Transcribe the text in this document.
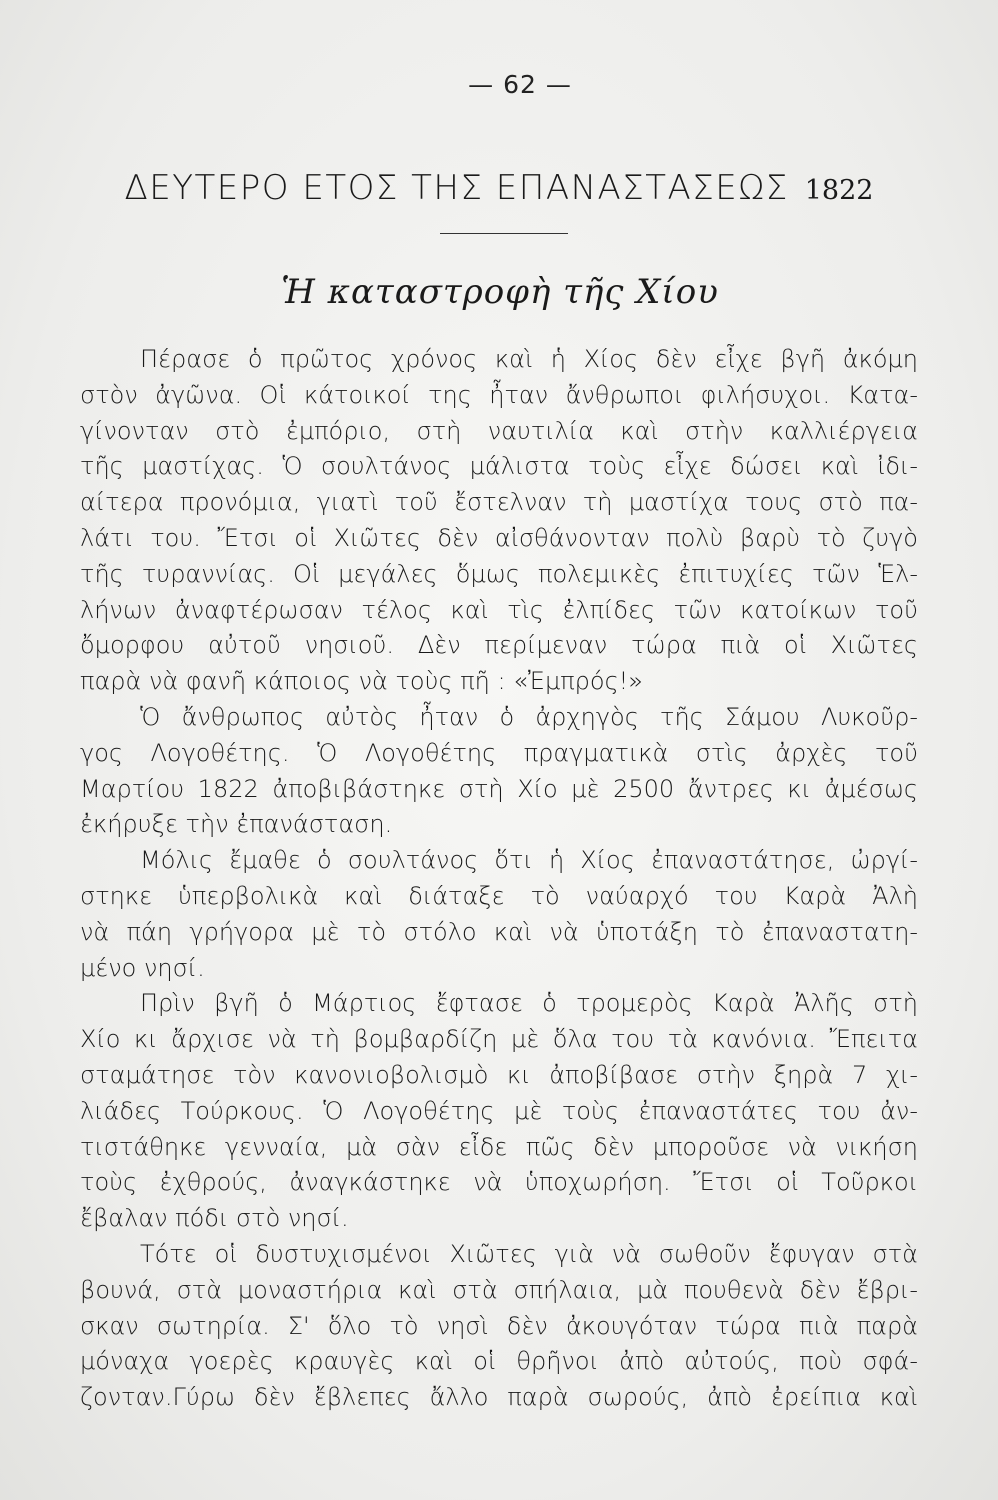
— 62 —
ΔΕΥΤΕΡΟ ΕΤΟΣ ΤΗΣ ΕΠΑΝΑΣΤΑΣΕΩΣ 1822
Ἡ καταστροφὴ τῆς Χίου
Πέρασε ὁ πρῶτος χρόνος καὶ ἡ Χίος δὲν εἶχε βγῆ ἀκόμη
στὸν ἀγῶνα. Οἱ κάτοικοί της ἦταν ἄνθρωποι φιλήσυχοι. Κατα-
γίνονταν στὸ ἐμπόριο, στὴ ναυτιλία καὶ στὴν καλλιέργεια
τῆς μαστίχας. Ὁ σουλτάνος μάλιστα τοὺς εἶχε δώσει καὶ ἰδι-
αίτερα προνόμια, γιατὶ τοῦ ἔστελναν τὴ μαστίχα τους στὸ πα-
λάτι του. Ἔτσι οἱ Χιῶτες δὲν αἰσθάνονταν πολὺ βαρὺ τὸ ζυγὸ
τῆς τυραννίας. Οἱ μεγάλες ὅμως πολεμικὲς ἐπιτυχίες τῶν Ἑλ-
λήνων ἀναφτέρωσαν τέλος καὶ τὶς ἐλπίδες τῶν κατοίκων τοῦ
ὄμορφου αὐτοῦ νησιοῦ. Δὲν περίμεναν τώρα πιὰ οἱ Χιῶτες
παρὰ νὰ φανῆ κάποιος νὰ τοὺς πῆ : «Ἐμπρός!»
Ὁ ἄνθρωπος αὐτὸς ἦταν ὁ ἀρχηγὸς τῆς Σάμου Λυκοῦρ-
γος Λογοθέτης. Ὁ Λογοθέτης πραγματικὰ στὶς ἀρχὲς τοῦ
Μαρτίου 1822 ἀποβιβάστηκε στὴ Χίο μὲ 2500 ἄντρες κι ἀμέσως
ἐκήρυξε τὴν ἐπανάσταση.
Μόλις ἔμαθε ὁ σουλτάνος ὅτι ἡ Χίος ἐπαναστάτησε, ὠργί-
στηκε ὑπερβολικὰ καὶ διάταξε τὸ ναύαρχό του Καρὰ Ἀλὴ
νὰ πάη γρήγορα μὲ τὸ στόλο καὶ νὰ ὑποτάξη τὸ ἐπαναστατη-
μένο νησί.
Πρὶν βγῆ ὁ Μάρτιος ἔφτασε ὁ τρομερὸς Καρὰ Ἀλῆς στὴ
Χίο κι ἄρχισε νὰ τὴ βομβαρδίζη μὲ ὅλα του τὰ κανόνια. Ἔπειτα
σταμάτησε τὸν κανονιοβολισμὸ κι ἀποβίβασε στὴν ξηρὰ 7 χι-
λιάδες Τούρκους. Ὁ Λογοθέτης μὲ τοὺς ἐπαναστάτες του ἀν-
τιστάθηκε γενναία, μὰ σὰν εἶδε πῶς δὲν μποροῦσε νὰ νικήση
τοὺς ἐχθρούς, ἀναγκάστηκε νὰ ὑποχωρήση. Ἔτσι οἱ Τοῦρκοι
ἔβαλαν πόδι στὸ νησί.
Τότε οἱ δυστυχισμένοι Χιῶτες γιὰ νὰ σωθοῦν ἔφυγαν στὰ
βουνά, στὰ μοναστήρια καὶ στὰ σπήλαια, μὰ πουθενὰ δὲν ἔβρι-
σκαν σωτηρία. Σ' ὅλο τὸ νησὶ δὲν ἀκουγόταν τώρα πιὰ παρὰ
μόναχα γοερὲς κραυγὲς καὶ οἱ θρῆνοι ἀπὸ αὐτούς, ποὺ σφά-
ζονταν.Γύρω δὲν ἔβλεπες ἄλλο παρὰ σωρούς, ἀπὸ ἐρείπια καὶ
